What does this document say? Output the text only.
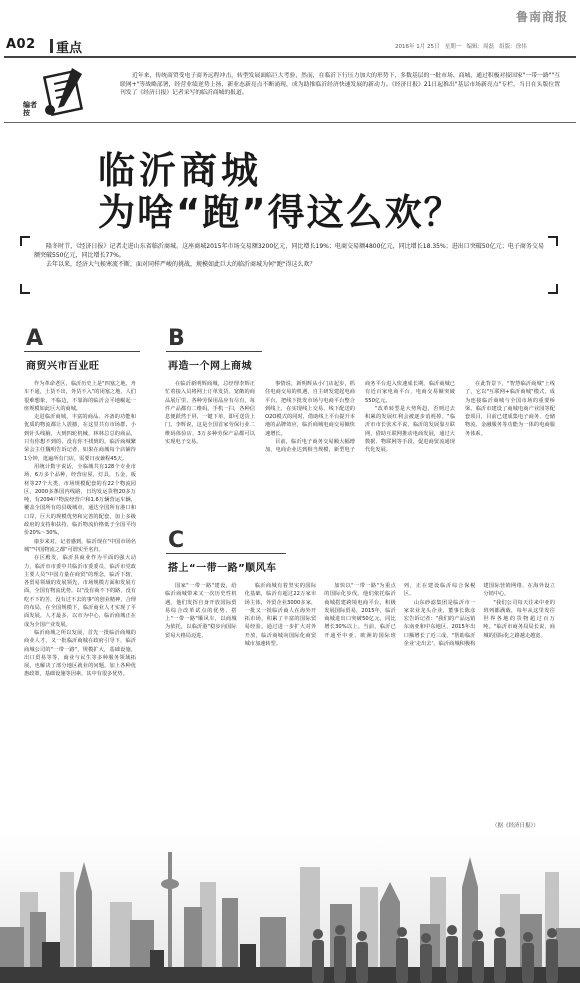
鲁南商报
A02 重点	2016年 1月 25日 星期一 编辑：周磊 组版：徐伟
编者按
近年来，传统商贸受电子商务远程冲击，转型发展面临巨大考验，然而，在临沂下行压力加大的形势下，多数基层的一批市场、商城，通过积极对接国家"一带一路""互联网+"等战略部署，经营业绩逆势上扬，新业态新亮点不断涌现，成为助推临沂经济快速发展的新动力。《经济日报》21日起推出"基层市场新亮点"专栏，当日在头版位置刊发了《经济日报》记者采写的临沂商城的报道。
临沂商城
为啥“跑”得这么欢？

隆冬时节，《经济日报》记者走进山东省临沂商城。这座商城2015年市场交易额3200亿元，同比增长19%；电商交易额4800亿元，同比增长18.35%；进出口突破50亿元；电子商务交易额突破550亿元，同比增长77%。

去年以来，经济大气候寒流不断，面对同样严峻的挑战，规模如此巨大的临沂商城为何"跑"得这么欢？

A
商贸兴市百业旺

作为革命老区，临沂历史上是"四塞之地，舟车不通，土货不出，外货不入"的闭塞之地，人们很难想象，不临边，不靠海的临沂会平地崛起一座规模如此巨大的商城。

走进临沂商城，丰富的商品、齐备的功能和优质的物流都让人震撼，在这里共有市场群，小到针头线脑，大到四轮机械，林林总总的商品，只有你想不到的，没有你不找到的。临沂商城繁荣会主任魏明告诉记者，如果在商城每个店铺待1分钟，逛遍所有门店，需要日夜兼程45天。

用统计数字说话，全临城共有128个专业市场，6万多个品种，经营房屋，灯具，五金，板材等27个大类，市场规模配套的有22个物流园区，2000多条国内线路，日均发运货物20多万吨，有2094户物流经营户和1.6万辆营运车辆，覆盖全国所有的县级城市，通达全国所有港口和口岸，巨大的规模优势和完善的配套，加上多级政府的支持和扶持，临沂物流价格低于全国平均价20%～30%。

康步来对，记者感到，临沂现在"中国市场名城""中国物流之都"可谓实至名归。

在区殿发，临沂县商业作为平面的强大动力，临沂市市委中共临沂市委委员，临沂市党政主要人员"中国力量在商贸"的理念，临沂下辖，各贸易领域的发展领先，市场规模方面和发展方面，全国有物流优势。以"没有商不下的路，没有吃不下的苦，没有过不去的事"的创业精神，合理的布局，在全国规模下，临沂商业人才实现了平面发展，人才最多，以市为中心，临沂商城正在成为全国产业发展。

临沂商城之所以发展，首先一批临沂商城的商业人才，又一批临沂商城在政府引导下，临沂商城公司的"一带一路"，规模扩大，基础设施，出口贸易等等，商业与民生等多种服务领域拓展，也解决了部分地区就业的问题，加上各种优惠政策，基础设施等因素，其中有很多优势。

B
再造一个网上商城

在临沂新明辉商城，总经理李辉正忙着接入员将网上订单发货。宽敞的商品展厅里，各种劳保用品应有尽有，每件产品都有二维码。手机一扫，各种信息便跃然于屏，一键下单，即可送货上门。李辉说，这是全国首家劳保行业二维码体验店，3万多种劳保产品都可以实现电子交易。

事情说，新明辉从小门店起步，抓住电商交易的机遇，自主研发建起电商平台，把线下批发市场与电商平台整合到线上，在实现线上交易、线下配送的O2O模式的同时，借助线上平台提升本地的品牌效应，临沂商城电商交易额快速增长。

目前，临沂电子商务交易额大幅增加，电商企业达到相当规模，新型电子商务平台进入快速成长期，临沂商城已有近百家电商平台，电商交易额突破550亿元。

"改革转型是大势所趋，否则过去积累的发展红利会被逐步消耗掉。"临沂市市长张术平说，临沂的发展靠互联网，借助互联网推动电商发展，通过大数据、物联网等手段，促进商贸流通现代化发展。

在此背景下，"智慧临沂商城"上线了，它以"互联网+临沂商城"模式，成为连接临沂商城与全国市场的重要桥梁。临沂市建设了商城电商产业园等配套项目，目前已建成集电子商务、仓储物流、金融服务等功能为一体的电商服务体系。

C
搭上“一带一路”顺风车

国家"一带一路"建设，给临沂商城带来又一次历史性机遇。他们发挥自身开放国际贸易综合改革试点的优势，搭上"一带一路"顺风车，以商城为依托，以临沂港"稳步向国际贸易大格局迈进。

临沂商城有着坚实的国际化基础，临沂有超过22万家市场主体，外贸企业3000多家，一批又一批临沂商人在海外开拓市场，积累了丰富的国际贸易经验。通过进一步扩大对外开放，临沂商城向国际化商贸城市加速转型。

加快以"一带一路"为重点的国际化步伐。他们依托临沂商城搭建跨境电商平台，积极发展国际贸易，2015年，临沂商城进出口突破50亿元，同比增长30%以上。当前，临沂已开通至中亚、欧洲的国际班列，正在建设临沂综合保税区。

山东砂滤集团是临沂市一家农业龙头企业，董事长陈彦宏告诉记者："我们的产品远销东南亚和中东地区，2015年出口额增长了近三成。"帮助临沂企业'走出去'，临沂商城积极构建国际营销网络，在海外设立分销中心。

"我们公司每天往来中亚的班列都满载，每年从这里发往世界各地的货物超过百万吨。"临沂市商务局局长说，商城的国际化之路越走越宽。

（据《经济日报》）
